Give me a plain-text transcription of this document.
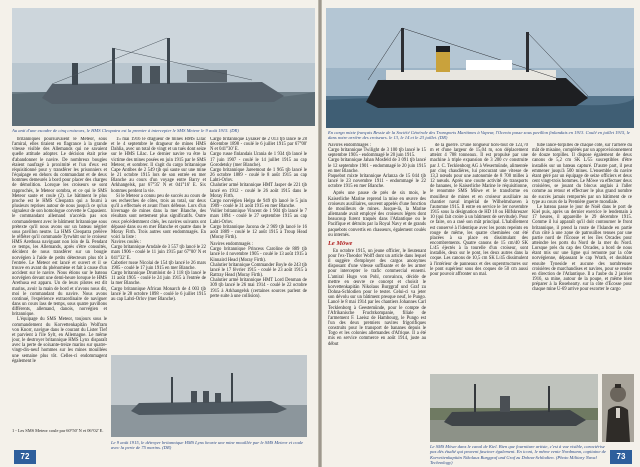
Au anti d'une escadre de cinq croiseurs, le HMS Cleopatra est la premier à intercepter le SMS Meteor le 9 août 1915. (DR)

britanniques poursuivaient le Meteor, sous l'amiral, elles tiraient en flagrance à la grande vitesse visible des Allemands qui ne savaient quelle attitude adopter. Le décision était prise d'abandonner le navire. De nombreux bougies étaient naufragé à proximité et l'un d'eux est réquisitionné pour y transférer les prisonniers et l'équipage en dehors du commandant et de deux hommes demeurés à bord pour placer des charges de démolition. Lorsque les croiseurs se sont rapprochés, le Meteor sombra, et ce qui le SMS Meteor saute et coule (2). Le bâtiment le plus proche est le HMS Cleopatra qui a fourni à plusieurs reprises autour de nous jusqu'à ce qu'un signaleur de son homologue corvette le Capasient. le commandant allemand n'accéda pas son commandement avec le bâtiment britannique sous prétexte qu'il nous avons sur un bateau négrier sous pavillon neutre. La HMS Cleopatra prélève le réfléter qu'il commande Tyrwhitt sur le croiseur HMS Arethusa naviguant non loin de là. Pendant ce temps, les Allemands, après s'être consultés, décident de nous transférer sur un bougie norvégien à l'aide de petits détecteurs plus tôt à l'entrée. Le Meteor est lancé et ouvert et il se trouve en avant du phénomène et fait à cause d'un accident sur le navire. Nous étions sur le bateau norvégien devant une demi-heure lorsque le HMS Arethusa est apparu. Un de leurs pilotes est dit marins, avoir la main de bord et n'avons nous dit, moi le commandant du navire. Nous avons continué, l'expérience extraordinaire de naviguer dans un cours lass de temps, sous quatre pavillons différents, allemand, danois, norvégien et britannique.

L'équipage du SMS Meteor, toujours sous le commandement du Korvettenkapitän Wolfram von Knorr, navigue dans le courant du Lister Tief et parvient à l'ile Sylt, en Allemagne. Le même jour, le destroyer britannique HMS Lynx disparaît avec la perte de soixante-treize marins sur quatre-vingt-dix-neuf hommes sur les mines mouillées une semaine plus tôt. Celles-ci endommagent également le

1 - Les SMS Meteor coule par 60°50' N et 06°02' E.

15 mai 1916 le dragueur de mines HMS Lilac et le 4 septembre le dragueur de mines HMS Dahlia, avec un total de vingt et un tués dont seize sur le HMS Lilac. Le dernier navire va être la victime des mines posées en juin 1915 par le SMS Meteor, et sombrer. Il s'agit du cargo britannique Cape Antibes de 2 549 tjb qui saute sur une mine le 21 octobre 1915 lors de son entrée en mer Blanche au cours d'un voyage entre Barry et Arkhangelsk, par 67°35' N et 041°16' E. Six hommes perdent la vie.

Si le Meteor a connu peu de succès au cours de ses recherches de côtes, trois au total, sur deux qu'il a effectués et avant l'hors défense. Lors d'un hivernage de mines dans la mer Blanche, des résultats sont nettement plus significatifs. Outre ceux précédemment cités, les navires suivants ont dépassé dans ou en mer Blanche et quatre dans le Moray Firth. Trois autres sont endommagés. En voici la liste :

Navires coulés :
Cargo britannique Arndale de 3 557 tjb lancé le 22 mars 1906 - coulé le 11 juin 1915 par 67°00' N et 041°32' E.
Cabotier russe Nicolai de 154 tjb lancé le 26 mars 1905 - coulé le 17 juin 1915 en mer Blanche.
Cargo britannique Drumloist de 3 118 tjb lancé le 11 août 1905 - coulé le 24 juin 1915 à l'entrée de la mer Blanche.
Cargo britannique African Monarch de 4 003 tjb lancé le 28 octobre 1898 - coulé le 6 juillet 1915 au cap Lahti-Orlov (mer Blanche).

Cargo britannique Lysaker de 2 013 tjb lancé le 28 décembre 1898 - coulé le 6 juillet 1915 par 67°00' N et 041°30' E.
Cargo russe finlandais Urania de 1 934 tjb lancé le 17 juin 1907 - coulé le 14 juillet 1915 au cap Gorodetsky (mer Blanche).
Cargo britannique Jareemout de 1 965 tjb lancé le 26 octobre 1889 - coulé le 8 août 1915 au cap Lahti-Orlov.
Chalutier armé britannique HMT Jasper de 221 tjb lancé en 1912 - coulé le 26 août 1915 dans le Moray Firth.
Cargo norvégien Helga de 949 tjb lancé le 5 juin 1909 - coulé le 31 août 1915 en mer Blanche.
Voilier britannique Vincent de 1 904 tjb lancé le 7 mars 1894 - coulé le 27 septembre 1915 au cap Lahti-Orlov.
Cargo britannique Jacona de 2 969 tjb lancé le 16 août 1889 - coulé le 12 août 1915 à Troup Head (Moray Firth).

Navires endommagés :
Cargo britannique Princess Caroline de 889 tjb lancé le 4 novembre 1905 - coulé le 13 août 1915 à Kinnaird Head (Moray Firth).
Chalutier britannique Commander Boyle de 243 tjb lancé le 17 février 1915 - coulé le 23 août 1915 à Rattray Head (Moray Firth).
Chalutier armé britannique HMT Lord Denman de 309 tjb lancé le 26 mai 1914 - coulé le 22 octobre 1915 à Arkhangelsk (certaines sources parlent de perte suite à une collision).

Le 9 août 1915, le détroyer britannique HMS Lynx heurte une mine mouillée par le SMS Meteor et coule avec la perte de 75 marins. (DR)
72
En cargo mixte français Bessie de la Société Générale des Transports Maritimes à Vapeur, l'Ocenio passe sous pavillon finlandais en 1913. Coulé en juillet 1915, le dans notre arrière des croiseurs. le 13, le 14 et le 23 juillet. (DR)

Navires endommagés :
Cargo britannique Twilight de 3 100 tjb lancé le 15 septembre 1905 - endommagé le 20 juin 1915.
Cargo britannique Jahan Mosfeld de 3 091 tjb lancé le 12 septembre 1901 - endommagé le 20 juin 1915 en mer Blanche.
Paquebot mixte britannique Arlanza de 15 044 tjb lancé le 23 novembre 1911 - endommagé le 22 octobre 1915 en mer Blanche.

Après une pause de près de six mois, le Kaiserliche Marine reprend la mise en œuvre des croiseurs auxiliaires, souvent appelés d'une fonction de mouilleurs de mines. Jusque-là, la Marine allemande avait employé des croiseurs légers dont beaucoup furent traqués dans l'Atlantique ou le Pacifique et détruits par la Royal Navy et de grands paquebots convertis en chasseurs, également coulés ou internés.

Le Möwe

En octobre 1915, un jeune officier, le lieutenant pour l'ex-Theodor Wolff dont un article dans lequel il suggère d'employer des cargos anonymes disposant d'une vitesse suffisante et de les armer pour intercepter le trafic commercial ennemi. L'amiral Hugo von Pohl, convaincu, décide de mettre en œuvre ce concept et choisit le korvettenkapitän Nikolaus Burggraf und Graf zu Dohna-Schlodien pour le tester. Celui-ci va jeter son dévolu sur un bâtiment presque neuf, le Pungo. Lancé le 8 mai 1914 par les chantiers Johannes Carl Tecklenborg à Geestemünde, pour le compte de l'Afrikanische Fruchtkompanie, filiale de l'armement F. Laeisz de Hambourg, le Pungo est l'un des deux premiers navires frigorifiques construits pour le transport de bananes depuis le Togo et les colonies allemandes d'Afrique. Il a été mis en service commerce en août 1914, juste au début

de la guerre. D'une longueur hors-tout de 123,70 m et d'une largeur de 15,04 m, son déplacement atteint 4 788 tonneaux. Il est propulsé par une machine à triple expansion de 3 200 cv construite par J. C. Tecklenborg AG à Wesermünde, alimentée par cinq chaudières, lui procurant une vitesse de 13,3 nœuds pour une autonomie de 8 700 milles à 12 nœuds. Après une courte activité de transports de bananes, le Kaiserliche Marine le réquisitionne, le renomme SMS Möwe et le transforme en mouilleur de mines et en croiseur auxiliaire au chantier naval impérial de Wilhelmshaven à l'automne 1915. Il entre en service le 1er novembre 1915 sous la désignation de HD 10 ou Hilfskreuzer 10 (qui fait croire à un bâtiment de servitude). Pour ce faire, on a rasé son mât principal. L'habillement est conservé à l'identique avec les ponts repeints en rouge de même, les quatre cheminées ont été placées à sa place en dissimulant des encombrements. Quatre canons de 15 cm/40 SK L/45 éjectés à la tourelle d'un croiseur, sont installés, deux sur le pont, les deux autres dans la coque. Les canons de 10,5 cm SK L/45 dissimulent à l'intérieur de panneaux et des superstructures sur le pont supérieur sous des coques de 50 cm aussi pour pouvoir affronter un mal.

tube lance-torpilles de chaque côté, sur l'arrière du mât de misaine, complétés par un approvisionnement de douze torpilles. Il dispose également de deux canons de 5,2 cm SK L/55 susceptibles d'être installés sur un bateau capturé. D'autre part, il peut emmener jusqu'à 500 mines. L'ensemble du navire étant géré par un équipage de seize officiers et deux cent vingt-trois hommes. Le Möwe va effectuer deux croisières, se jouant du blocus anglais à l'aller comme au retour et effectuer le plus grand nombre de succès jamais remportés par un bâtiment de ce type au cours de la Première guerre mondiale.

Le bateau passe le jour de Noël dans le port de Kiel puis, après un dernier exercice le lendemain à 17 heures, il appareille le 29 décembre 1915. Comme il lui apparaît qu'il doit contourner le front britannique, il prend la route de l'Islande en partie d'un côté à une zone de patrouilles tenues par une partie nord de l'Écosse et les îles Orcades pour atteindre les ports du Nord de la mer du Nord. Lorsque près du cap des Orcades, a bord de nous étant mis sur une ligne qui remonte par la côte norvégienne, dépassant le cap Wrath, et doublant ensuite Tyneside et aucune des nombreuses croisières de marchandises et navires, pour se rendre en direction de l'Atlantique. Il a l'aube du 2 janvier 1916, sa mine, autour de la poupe, et même bien préparer à la Rosehearty. sur la côte d'Écosse pour chaque mine U-69 arrive pour escorter le cargo

Le SMS Möwe dans le canal de Kiel. Bien que fourniture artiste, c'est à vue visible, caractérise pas dès étudié qui peuvent fasciner également. En iconi, le même vente Nordmann, capitaine de Korvettenkapitän Nikolaus Burggraf und Graf zu Dohna-Schlodien. (Photo Military Naval Technology)
73
